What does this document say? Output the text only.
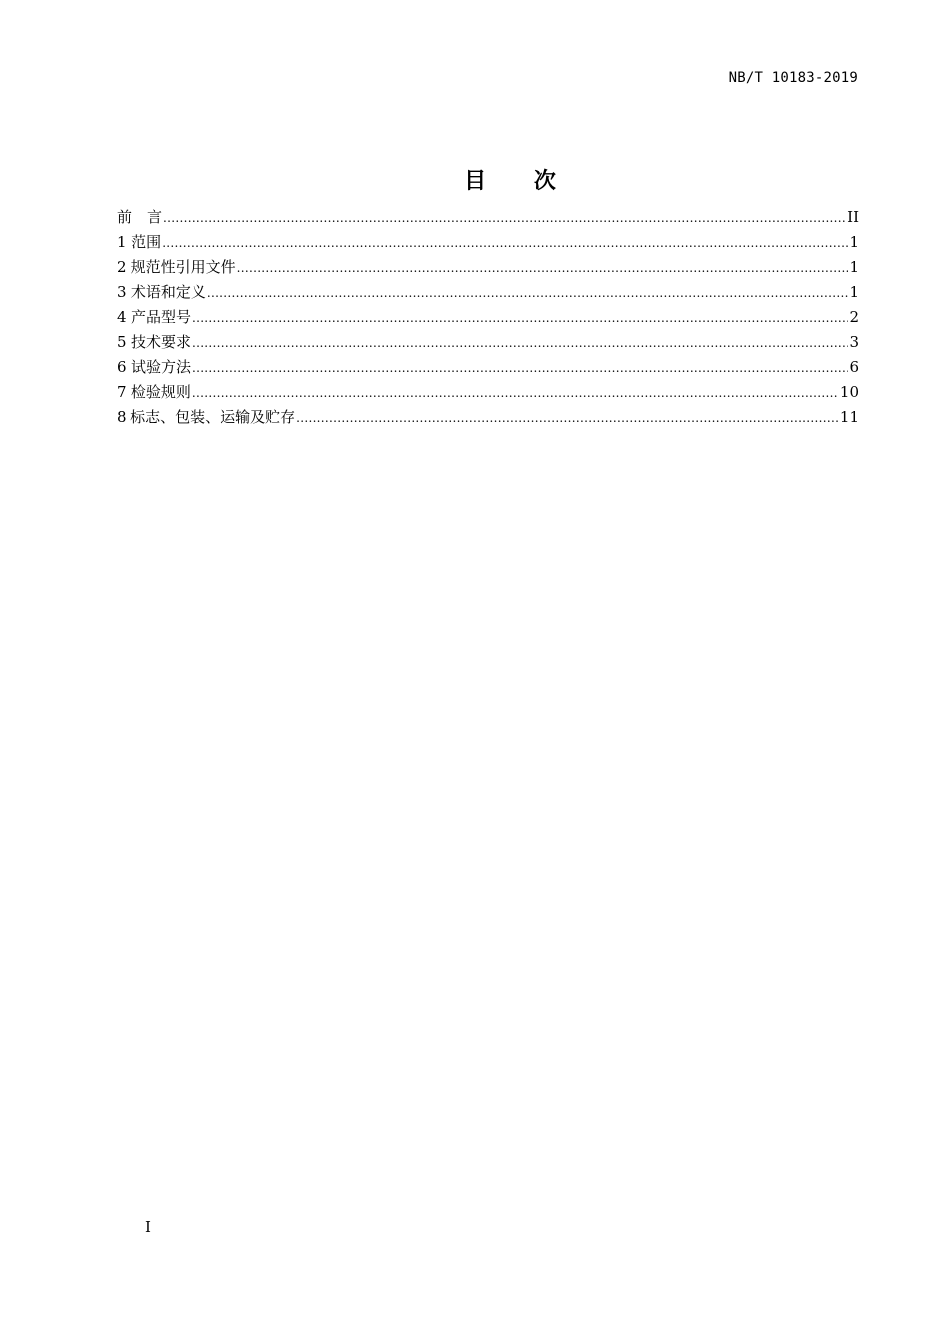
NB/T 10183-2019
目 次
前　言 .....	II
1 范围 .....	1
2 规范性引用文件 .....	1
3 术语和定义 .....	1
4 产品型号 .....	2
5 技术要求 .....	3
6 试验方法 .....	6
7 检验规则 .....	10
8 标志、包装、运输及贮存 .....	11
I
